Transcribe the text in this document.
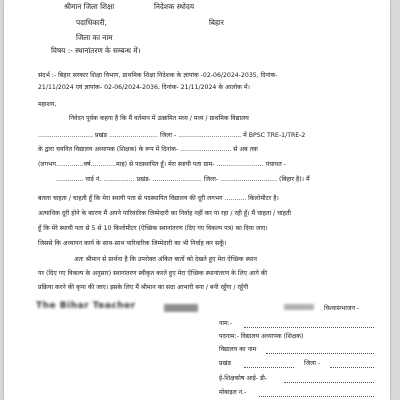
श्रीमान जिला शिक्षा	निदेशक स्थोदय
पदाधिकारी,	बिहार
जिला का नाम
विषय :- स्थानांतरण के सम्बन्ध में।
संदर्भ :- बिहार सरकार शिक्षा विभाग, प्राथमिक शिक्षा निदेशक के ज्ञापांक -02-06/2024-2035, दिनांक-
21/11/2024 एवं ज्ञापांक- 02-06/2024-2036, दिनांक- 21/11/2024 के आलोक में।
महाशय,
निवेदन पूर्वक कहना है कि मैं वर्तमान में उत्क्रमित मध्य / मध्य / प्राथमिक विद्यालय
............................ प्रखंड ......................... जिला - ................................ में BPSC TRE-1/TRE-2
के द्वारा चयनित विद्यालय अध्यापक (शिक्षक) के रूप में दिनांक- .......................... से अब तक
(लगभग..............वर्ष.............माह) से पदस्थापित हूँ। मेरा स्थायी पता ग्राम- ........................ पंचायत -
.............. वार्ड नं. ................ प्रखंड- ......................... जिला- ............................. (बिहार है)। मैं
बतला चाहता / चाहती हूँ कि मेरा स्थायी पता से पदस्थापित विद्यालय की दूरी लगभग ........... किलोमीटर है।
अत्याधिक दूरी होने के कारण मैं अपने पारिवारिक जिम्मेदारी का निर्वाह नहीं कर पा रहा / रही हूँ। मैं चाहता / चाहती
हूँ कि मेरे स्थायी पता से 5 से 10 किलोमीटर (ऐच्छिक स्थानांतरण (दिए गए विकल्प पत्र) का दिया जाए।
जिससे कि अध्यापन कार्य के साथ-साथ पारिवारिक जिम्मेदारी का भी निर्वाह कर सकूँ।
अतः श्रीमान से प्रार्थना है कि उपरोक्त अंकित बातों को देखते हुए मेरा ऐच्छिक स्थान
पर (दिए गए विकल्प के अनुसार) स्थानांतरण स्वीकृत करते हुए मेरा ऐच्छिक स्थानांतरण के लिए आगे की
प्रक्रिया करने की कृपा की जाए। इसके लिए मैं श्रीमान का सदा आभारी बना / बनी रहूँगा / रहूँगी
The Bihar Teacher	विश्वासभाजन -
नाम:-
पदनाम:- विद्यालय अध्यापक (शिक्षक)
विद्यालय का नाम
प्रखंड	जिला -
ई-शिक्षकोष आई- डी-
मोबाइल न.-
